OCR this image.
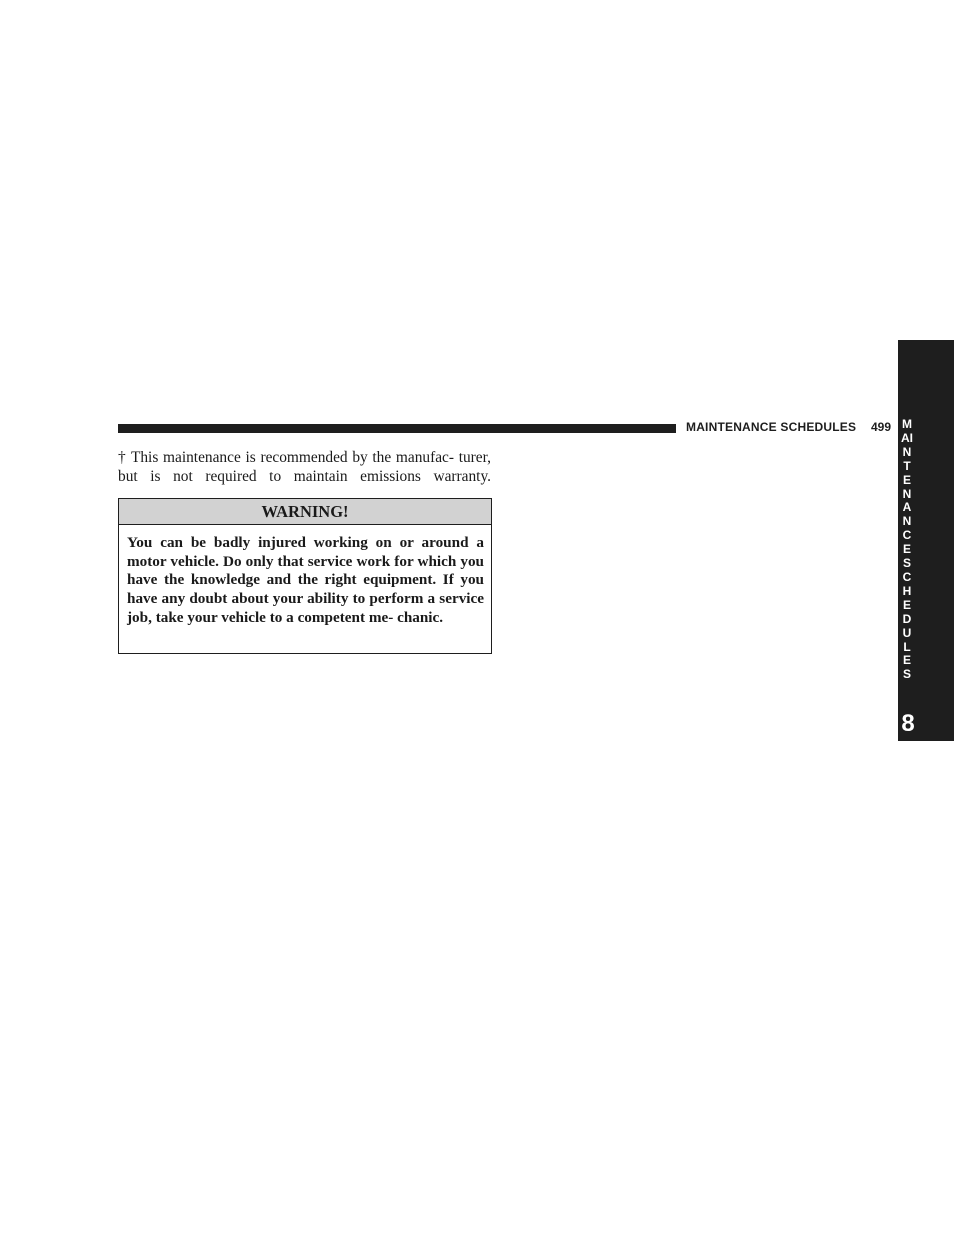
MAINTENANCE SCHEDULES 499 MAINTENANCE SCHEDULES
8

† This maintenance is recommended by the manufac- turer, but is not required to maintain emissions warranty.

WARNING!
You can be badly injured working on or around a motor vehicle. Do only that service work for which you have the knowledge and the right equipment. If you have any doubt about your ability to perform a service job, take your vehicle to a competent me- chanic.
